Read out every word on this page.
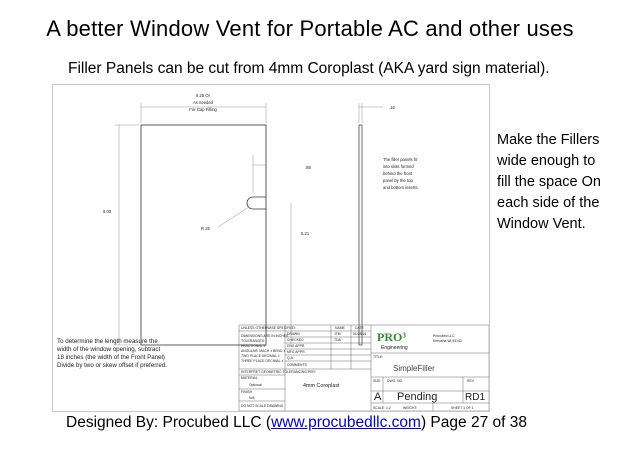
A better Window Vent for Portable AC and other uses
Filler Panels can be cut from 4mm Coroplast (AKA yard sign material).
6.25 Or
As needed
For Gap Filling
9.00
.88
5.21
R.25
.16
The filler panels fit
into slots formed
behind the front
panel by the top
and bottom inserts.
To determine the length measure the
width of the window opening, subtract
18 inches (the width of the Front Panel)
Divide by two or skew offset if preferred.
UNLESS OTHERWISE SPECIFIED:	NAME	DATE
DRAWN	JTM	01/28/16
CHECKED	TDA
ENG APPR.
MFG APPR.
Q.A.
COMMENTS:
DIMENSIONS ARE IN INCHES
TOLERANCES:
FRACTIONAL ±
ANGULAR: MACH ± BEND ±
TWO PLACE DECIMAL ±
THREE PLACE DECIMAL ±
INTERPRET GEOMETRIC TOLERANCING PER:
MATERIAL
Optional
FINISH
N/A
DO NOT SCALE DRAWING
4mm Coroplast
PRO³
Engineering
Procubed LLC
Kenosha WI 53142
TITLE:
SimpleFiller
SIZE DWG. NO.	REV
A Pending	RD1
SCALE: 1:2	WEIGHT:	SHEET 1 OF 1
Make the Fillers wide enough to fill the space On each side of the Window Vent.
Designed By: Procubed LLC (www.procubedllc.com) Page 27 of 38
